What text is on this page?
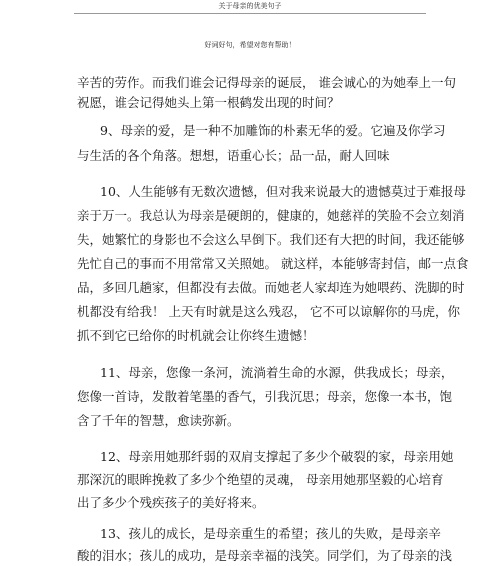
关于母亲的优美句子
好词好句，希望对您有帮助！
辛苦的劳作。而我们谁会记得母亲的诞辰， 谁会诚心的为她奉上一句
祝愿，谁会记得她头上第一根鹤发出现的时间？
9、母亲的爱，是一种不加雕饰的朴素无华的爱。它遍及你学习
与生活的各个角落。想想，语重心长；品一品，耐人回味
10、人生能够有无数次遗憾，但对我来说最大的遗憾莫过于难报母
亲于万一。我总认为母亲是硬朗的，健康的，她慈祥的笑脸不会立刻消
失，她繁忙的身影也不会这么早倒下。我们还有大把的时间，我还能够
先忙自己的事而不用常常又关照她。 就这样，本能够寄封信，邮一点食
品，多回几趟家，但都没有去做。而她老人家却连为她喂药、洗脚的时
机都没有给我！ 上天有时就是这么残忍， 它不可以谅解你的马虎，你
抓不到它已给你的时机就会让你终生遗憾！
11、母亲，您像一条河，流淌着生命的水源，供我成长；母亲，
您像一首诗，发散着笔墨的香气，引我沉思；母亲，您像一本书，饱
含了千年的智慧，愈读弥新。
12、母亲用她那纤弱的双肩支撑起了多少个破裂的家，母亲用她
那深沉的眼眸挽救了多少个绝望的灵魂， 母亲用她那坚毅的心培育
出了多少个残疾孩子的美好将来。
13、孩儿的成长，是母亲重生的希望；孩儿的失败，是母亲辛
酸的泪水；孩儿的成功，是母亲幸福的浅笑。同学们，为了母亲的浅
